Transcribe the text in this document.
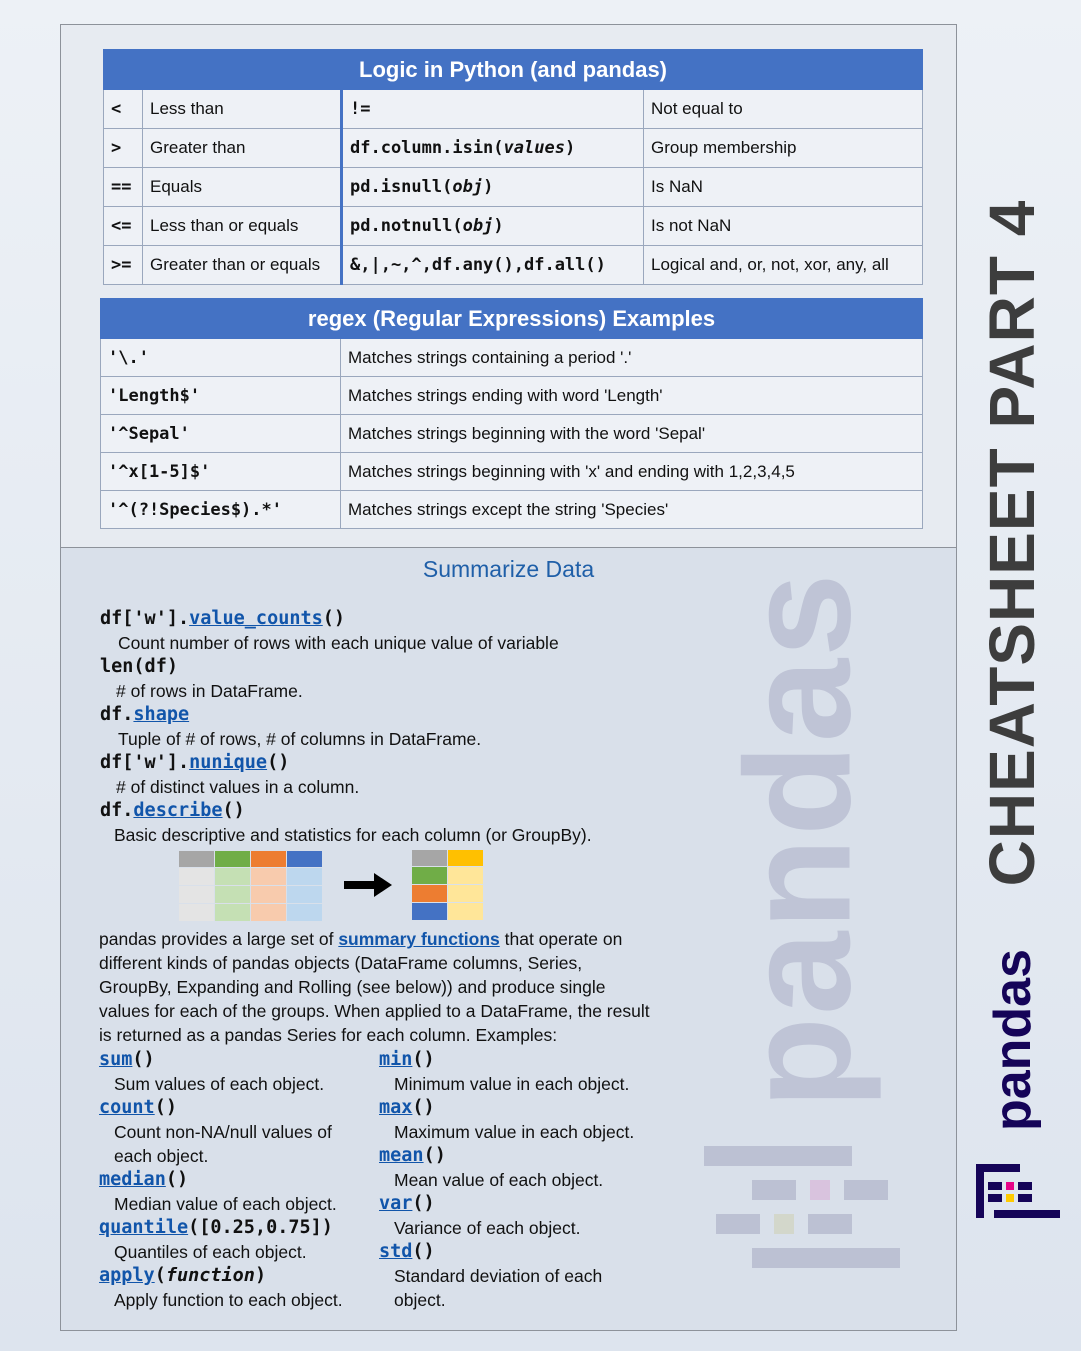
Logic in Python (and pandas)			
<	Less than	!=	Not equal to
>	Greater than	df.column.isin(values)	Group membership
==	Equals	pd.isnull(obj)	Is NaN
<=	Less than or equals	pd.notnull(obj)	Is not NaN
>=	Greater than or equals	&,|,~,^,df.any(),df.all()	Logical and, or, not, xor, any, all
regex (Regular Expressions) Examples	
'\.'	Matches strings containing a period '.'
'Length$'	Matches strings ending with word 'Length'
'^Sepal'	Matches strings beginning with the word 'Sepal'
'^x[1-5]$'	Matches strings beginning with 'x' and ending with 1,2,3,4,5
'^(?!Species$).*'	Matches strings except the string 'Species'
pandas
Summarize Data
df['w'].value_counts()
Count number of rows with each unique value of variable
len(df)
# of rows in DataFrame.
df.shape
Tuple of # of rows, # of columns in DataFrame.
df['w'].nunique()
# of distinct values in a column.
df.describe()
Basic descriptive and statistics for each column (or GroupBy).
pandas provides a large set of summary functions that operate on different kinds of pandas objects (DataFrame columns, Series, GroupBy, Expanding and Rolling (see below)) and produce single values for each of the groups. When applied to a DataFrame, the result is returned as a pandas Series for each column. Examples:
sum()
Sum values of each object.
count()
Count non-NA/null values of
each object.
median()
Median value of each object.
quantile([0.25,0.75])
Quantiles of each object.
apply(function)
Apply function to each object.
min()
Minimum value in each object.
max()
Maximum value in each object.
mean()
Mean value of each object.
var()
Variance of each object.
std()
Standard deviation of each
object.
CHEATSHEET PART 4
pandas
